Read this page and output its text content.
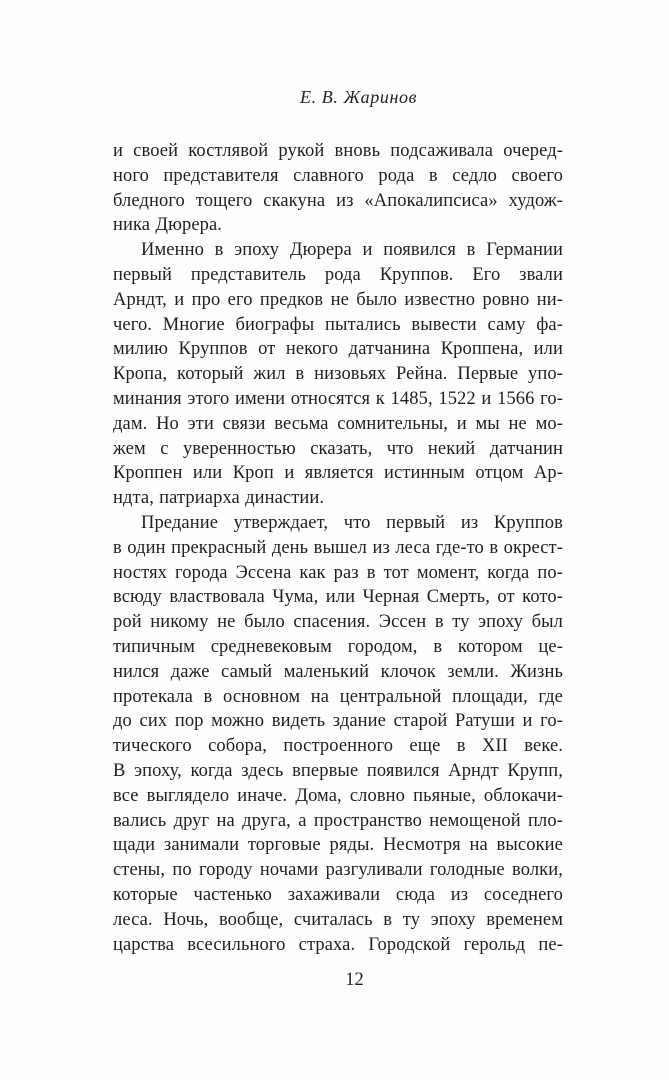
Е. В. Жаринов
и своей костлявой рукой вновь подсаживала очеред-
ного представителя славного рода в седло своего
бледного тощего скакуна из «Апокалипсиса» худож-
ника Дюрера.
Именно в эпоху Дюрера и появился в Германии
первый представитель рода Круппов. Его звали
Арндт, и про его предков не было известно ровно ни-
чего. Многие биографы пытались вывести саму фа-
милию Круппов от некого датчанина Кроппена, или
Кропа, который жил в низовьях Рейна. Первые упо-
минания этого имени относятся к 1485, 1522 и 1566 го-
дам. Но эти связи весьма сомнительны, и мы не мо-
жем с уверенностью сказать, что некий датчанин
Кроппен или Кроп и является истинным отцом Ар-
ндта, патриарха династии.
Предание утверждает, что первый из Круппов
в один прекрасный день вышел из леса где-то в окрест-
ностях города Эссена как раз в тот момент, когда по-
всюду властвовала Чума, или Черная Смерть, от кото-
рой никому не было спасения. Эссен в ту эпоху был
типичным средневековым городом, в котором це-
нился даже самый маленький клочок земли. Жизнь
протекала в основном на центральной площади, где
до сих пор можно видеть здание старой Ратуши и го-
тического собора, построенного еще в XII веке.
В эпоху, когда здесь впервые появился Арндт Крупп,
все выглядело иначе. Дома, словно пьяные, облокачи-
вались друг на друга, а пространство немощеной пло-
щади занимали торговые ряды. Несмотря на высокие
стены, по городу ночами разгуливали голодные волки,
которые частенько захаживали сюда из соседнего
леса. Ночь, вообще, считалась в ту эпоху временем
царства всесильного страха. Городской герольд пе-
12
